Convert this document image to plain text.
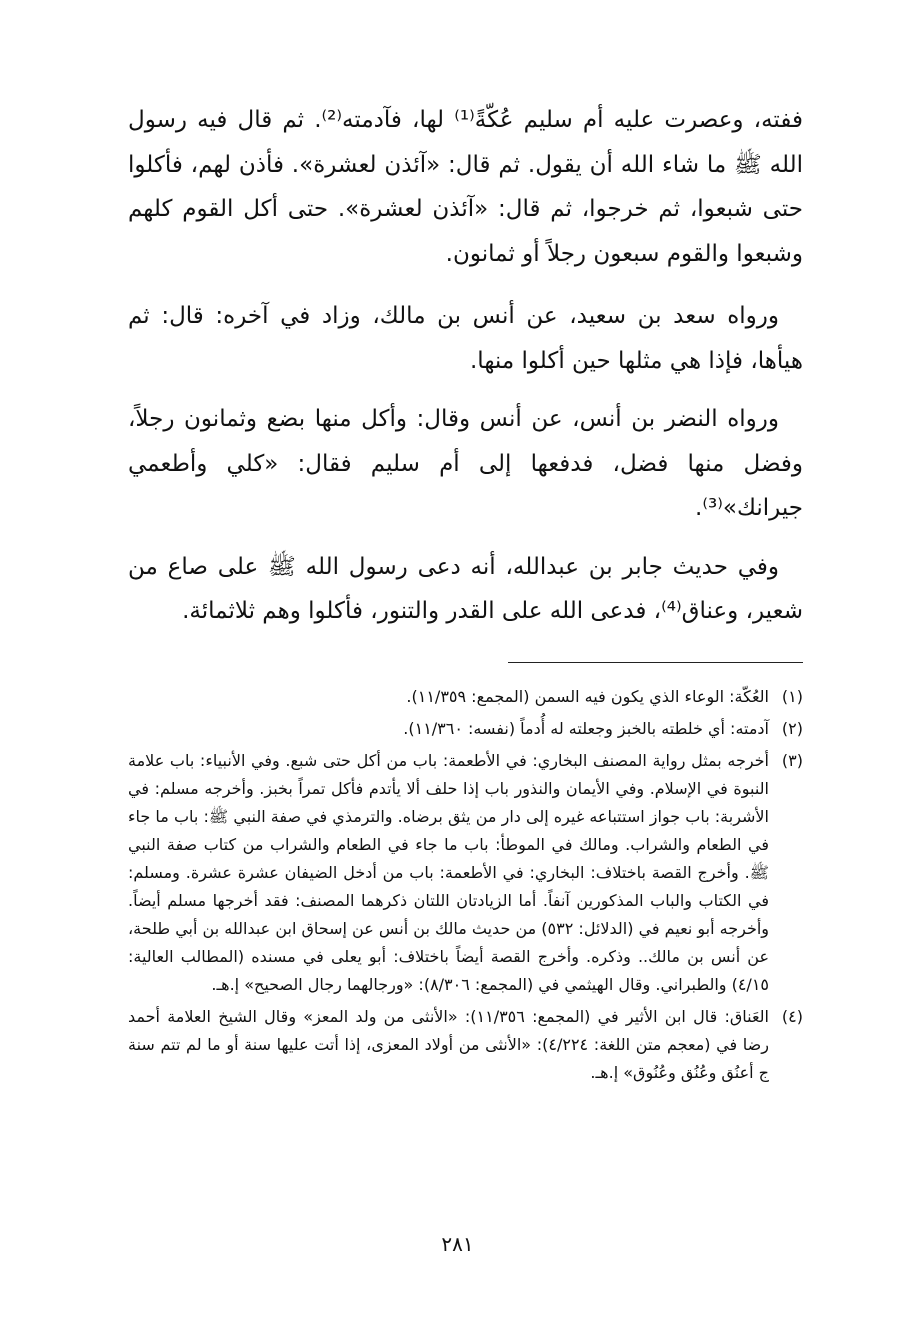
ففته، وعصرت عليه أم سليم عُكّةً⁽¹⁾ لها، فآدمته⁽²⁾. ثم قال فيه رسول الله ﷺ ما شاء الله أن يقول. ثم قال: «آئذن لعشرة». فأذن لهم، فأكلوا حتى شبعوا، ثم خرجوا، ثم قال: «آئذن لعشرة». حتى أكل القوم كلهم وشبعوا والقوم سبعون رجلاً أو ثمانون.

ورواه سعد بن سعيد، عن أنس بن مالك، وزاد في آخره: قال: ثم هيأها، فإذا هي مثلها حين أكلوا منها.

ورواه النضر بن أنس، عن أنس وقال: وأكل منها بضع وثمانون رجلاً، وفضل منها فضل، فدفعها إلى أم سليم فقال: «كلي وأطعمي جيرانك»⁽³⁾.

وفي حديث جابر بن عبدالله، أنه دعى رسول الله ﷺ على صاع من شعير، وعناق⁽⁴⁾، فدعى الله على القدر والتنور، فأكلوا وهم ثلاثمائة.

(١)
العُكّة: الوعاء الذي يكون فيه السمن (المجمع: ١١/٣٥٩).
(٢)
آدمته: أي خلطته بالخبز وجعلته له أُدماً (نفسه: ١١/٣٦٠).
(٣)
أخرجه بمثل رواية المصنف البخاري: في الأطعمة: باب من أكل حتى شبع. وفي الأنبياء: باب علامة النبوة في الإسلام. وفي الأيمان والنذور باب إذا حلف ألا يأتدم فأكل تمراً بخبز. وأخرجه مسلم: في الأشربة: باب جواز استتباعه غيره إلى دار من يثق برضاه. والترمذي في صفة النبي ﷺ: باب ما جاء في الطعام والشراب. ومالك في الموطأ: باب ما جاء في الطعام والشراب من كتاب صفة النبي ﷺ. وأخرج القصة باختلاف: البخاري: في الأطعمة: باب من أدخل الضيفان عشرة عشرة. ومسلم: في الكتاب والباب المذكورين آنفاً. أما الزيادتان اللتان ذكرهما المصنف: فقد أخرجها مسلم أيضاً. وأخرجه أبو نعيم في (الدلائل: ٥٣٢) من حديث مالك بن أنس عن إسحاق ابن عبدالله بن أبي طلحة، عن أنس بن مالك.. وذكره. وأخرج القصة أيضاً باختلاف: أبو يعلى في مسنده (المطالب العالية: ٤/١٥) والطبراني. وقال الهيثمي في (المجمع: ٨/٣٠٦): «ورجالهما رجال الصحيح» إ.هـ.
(٤)
العَناق: قال ابن الأثير في (المجمع: ١١/٣٥٦): «الأنثى من ولد المعز» وقال الشيخ العلامة أحمد رضا في (معجم متن اللغة: ٤/٢٢٤): «الأنثى من أولاد المعزى، إذا أتت عليها سنة أو ما لم تتم سنة ج أعنُق وعُنُق وعُنُوق» إ.هـ.
٢٨١
